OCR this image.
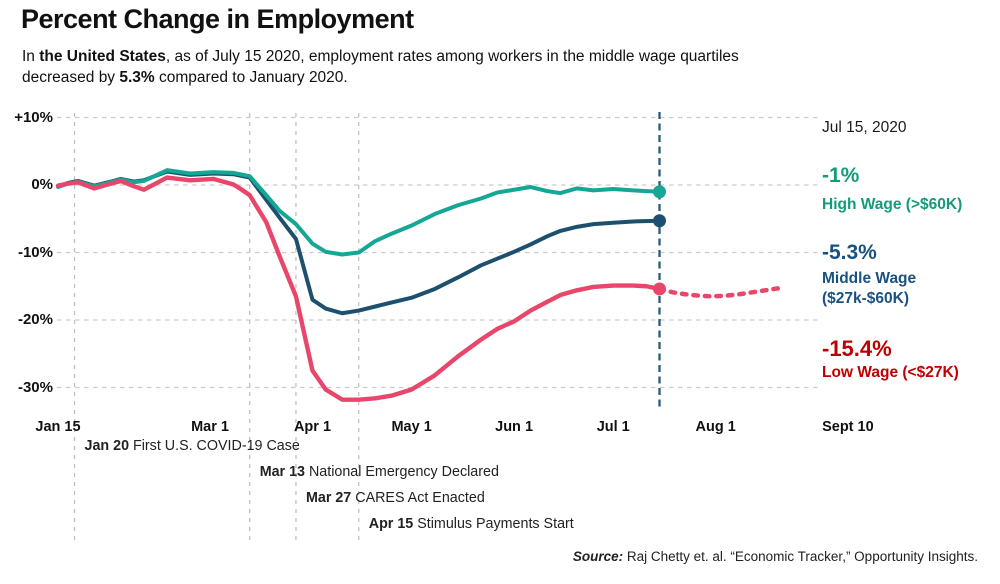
Percent Change in Employment
In the United States, as of July 15 2020, employment rates among workers in the middle wage quartiles decreased by 5.3% compared to January 2020.
+10%
0%
-10%
-20%
-30%
Jan 20 First U.S. COVID-19 Case
Mar 13 National Emergency Declared
Mar 27 CARES Act Enacted
Apr 15 Stimulus Payments Start
Jan 15	Mar 1	Apr 1	May 1	Jun 1	Jul 1	Aug 1	Sept 10
Jul 15, 2020
-1%
High Wage (>$60K)
-5.3%
Middle Wage
($27k-$60K)
-15.4%
Low Wage (<$27K)
Source: Raj Chetty et. al. “Economic Tracker,” Opportunity Insights.
